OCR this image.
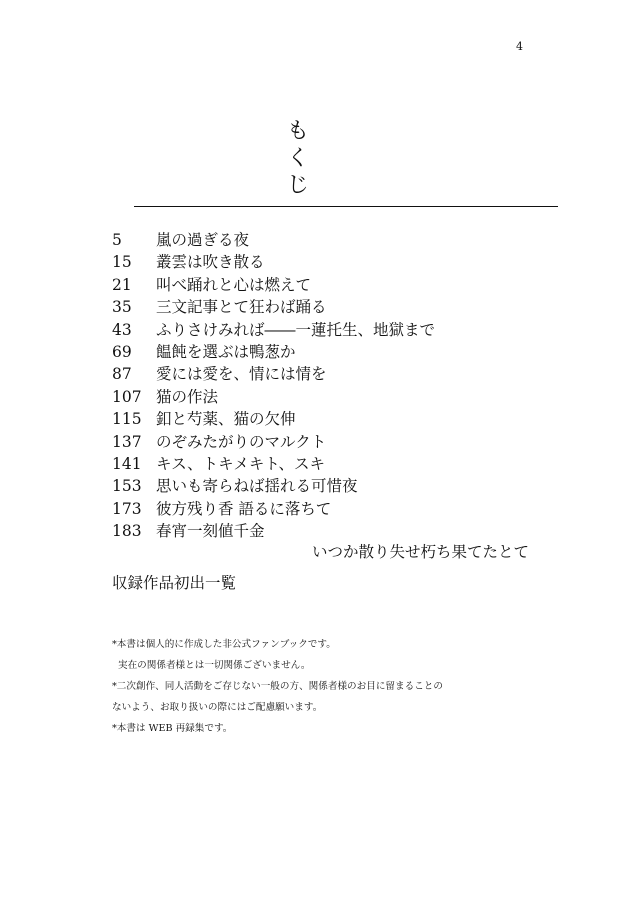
4
も
く
じ
5	嵐の過ぎる夜
15	叢雲は吹き散る
21	叫べ踊れと心は燃えて
35	三文記事とて狂わば踊る
43	ふりさけみれば――一蓮托生、地獄まで
69	饂飩を選ぶは鴨葱か
87	愛には愛を、情には情を
107 猫の作法
115 釦と芍薬、猫の欠伸
137 のぞみたがりのマルクト
141 キス、トキメキト、スキ
153 思いも寄らねば揺れる可惜夜
173 彼方残り香 語るに落ちて
183 春宵一刻値千金
いつか散り失せ朽ち果てたとて
収録作品初出一覧
*本書は個人的に作成した非公式ファンブックです。
実在の関係者様とは一切関係ございません。
*二次創作、同人活動をご存じない一般の方、関係者様のお目に留まることの
ないよう、お取り扱いの際にはご配慮願います。
*本書は WEB 再録集です。
